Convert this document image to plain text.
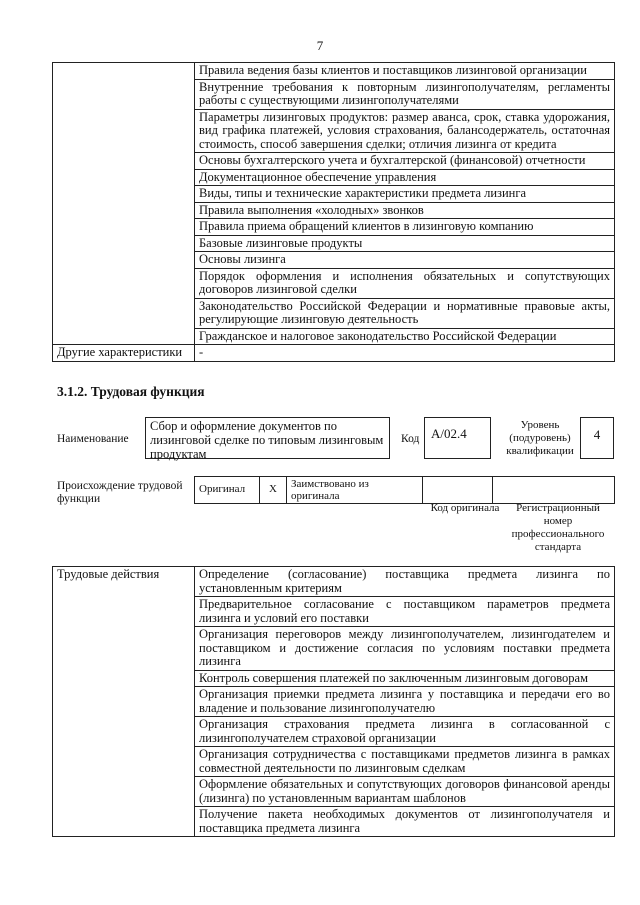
7
	Правила ведения базы клиентов и поставщиков лизинговой организации
	Внутренние требования к повторным лизингополучателям, регламенты работы с существующими лизингополучателями
	Параметры лизинговых продуктов: размер аванса, срок, ставка удорожания, вид графика платежей, условия страхования, балансодержатель, остаточная стоимость, способ завершения сделки; отличия лизинга от кредита
	Основы бухгалтерского учета и бухгалтерской (финансовой) отчетности
	Документационное обеспечение управления
	Виды, типы и технические характеристики предмета лизинга
	Правила выполнения «холодных» звонков
	Правила приема обращений клиентов в лизинговую компанию
	Базовые лизинговые продукты
	Основы лизинга
	Порядок оформления и исполнения обязательных и сопутствующих договоров лизинговой сделки
	Законодательство Российской Федерации и нормативные правовые акты, регулирующие лизинговую деятельность
	Гражданское и налоговое законодательство Российской Федерации
Другие характеристики	-
3.1.2. Трудовая функция
Наименование
Сбор и оформление документов по лизинговой сделке по типовым лизинговым продуктам
Код A/02.4
Уровень (подуровень) квалификации
4
Происхождение трудовой функции
Оригинал	X	Заимствовано из оригинала		
Код оригинала	Регистрационный номер профессионального стандарта
Трудовые действия	Определение (согласование) поставщика предмета лизинга по установленным критериям
Предварительное согласование с поставщиком параметров предмета лизинга и условий его поставки
Организация переговоров между лизингополучателем, лизингодателем и поставщиком и достижение согласия по условиям поставки предмета лизинга
Контроль совершения платежей по заключенным лизинговым договорам
Организация приемки предмета лизинга у поставщика и передачи его во владение и пользование лизингополучателю
Организация страхования предмета лизинга в согласованной с лизингополучателем страховой организации
Организация сотрудничества с поставщиками предметов лизинга в рамках совместной деятельности по лизинговым сделкам
Оформление обязательных и сопутствующих договоров финансовой аренды (лизинга) по установленным вариантам шаблонов
Получение пакета необходимых документов от лизингополучателя и поставщика предмета лизинга
